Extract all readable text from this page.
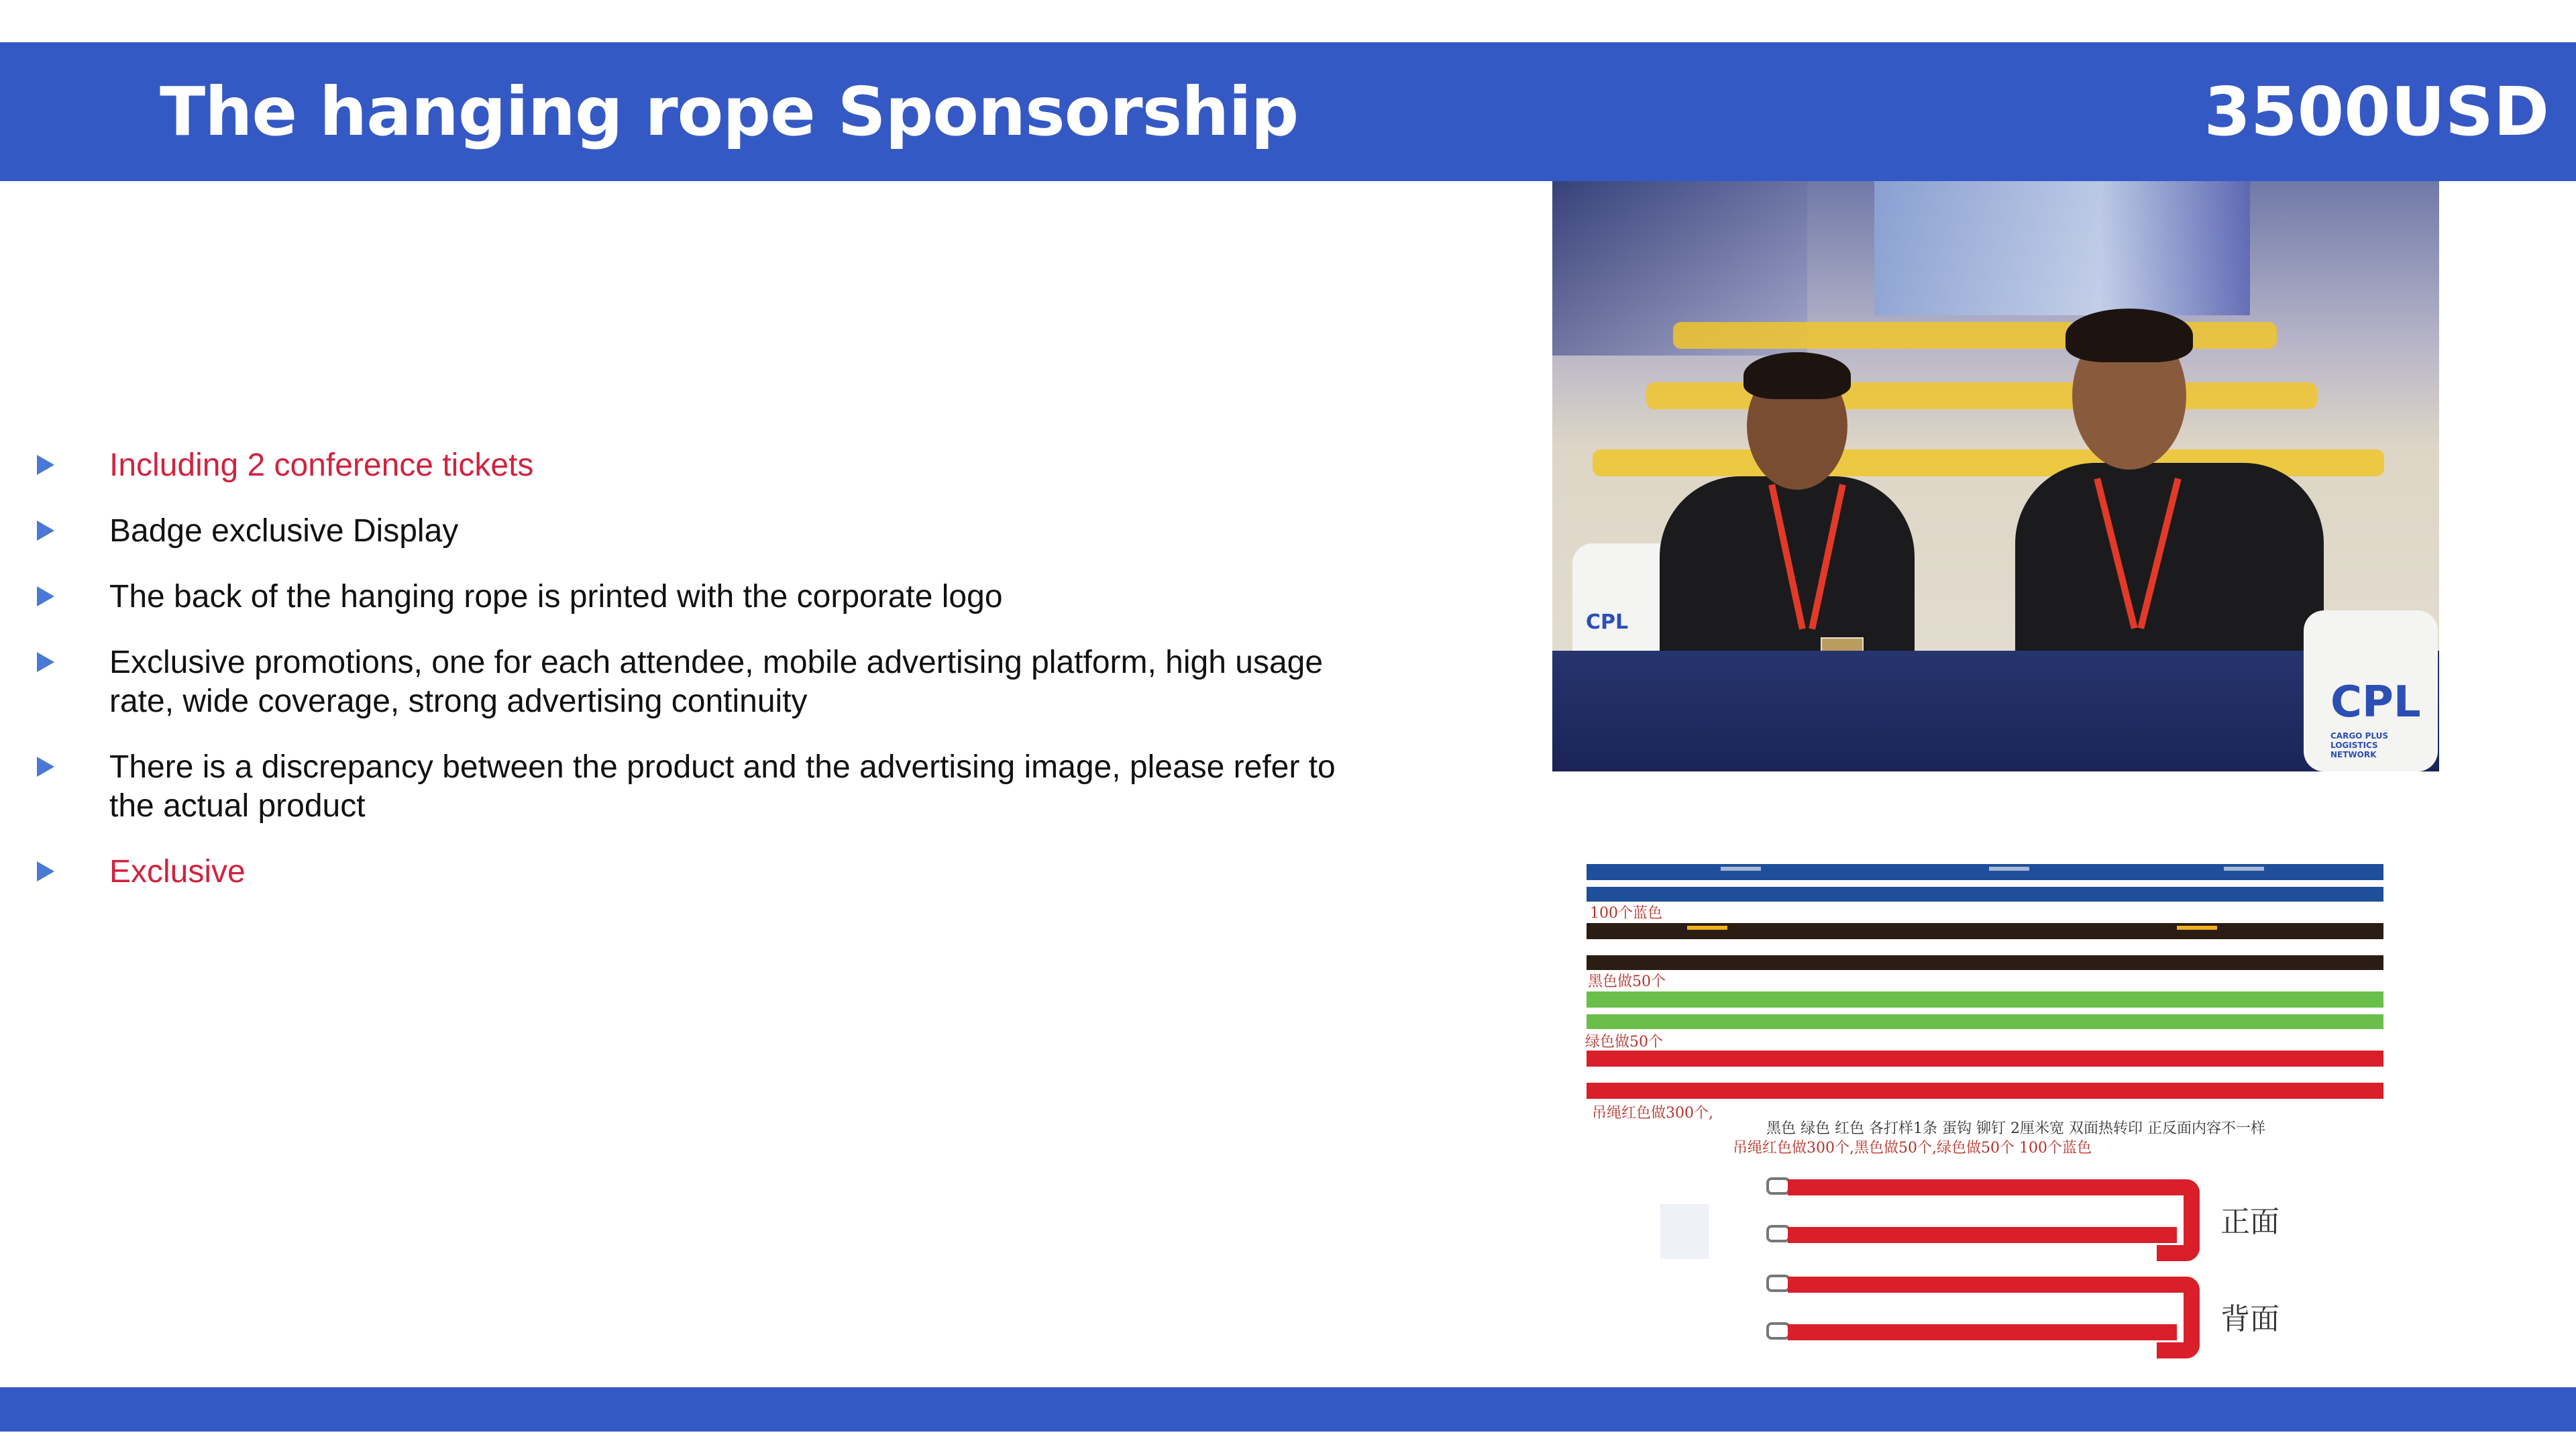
The hanging rope Sponsorship	3500USD
Including 2 conference tickets
Badge exclusive Display
The back of the hanging rope is printed with the corporate logo
Exclusive promotions, one for each attendee, mobile advertising platform, high usage rate, wide coverage, strong advertising continuity
There is a discrepancy between the product and the advertising image, please refer to the actual product
Exclusive
CPL
CPL
CARGO PLUS LOGISTICS NETWORK
100个蓝色
黑色做50个
绿色做50个
吊绳红色做300个,
黑色 绿色 红色 各打样1条 蛋钩 铆钉 2厘米宽 双面热转印 正反面内容不一样
吊绳红色做300个,黑色做50个,绿色做50个 100个蓝色
正面
背面
